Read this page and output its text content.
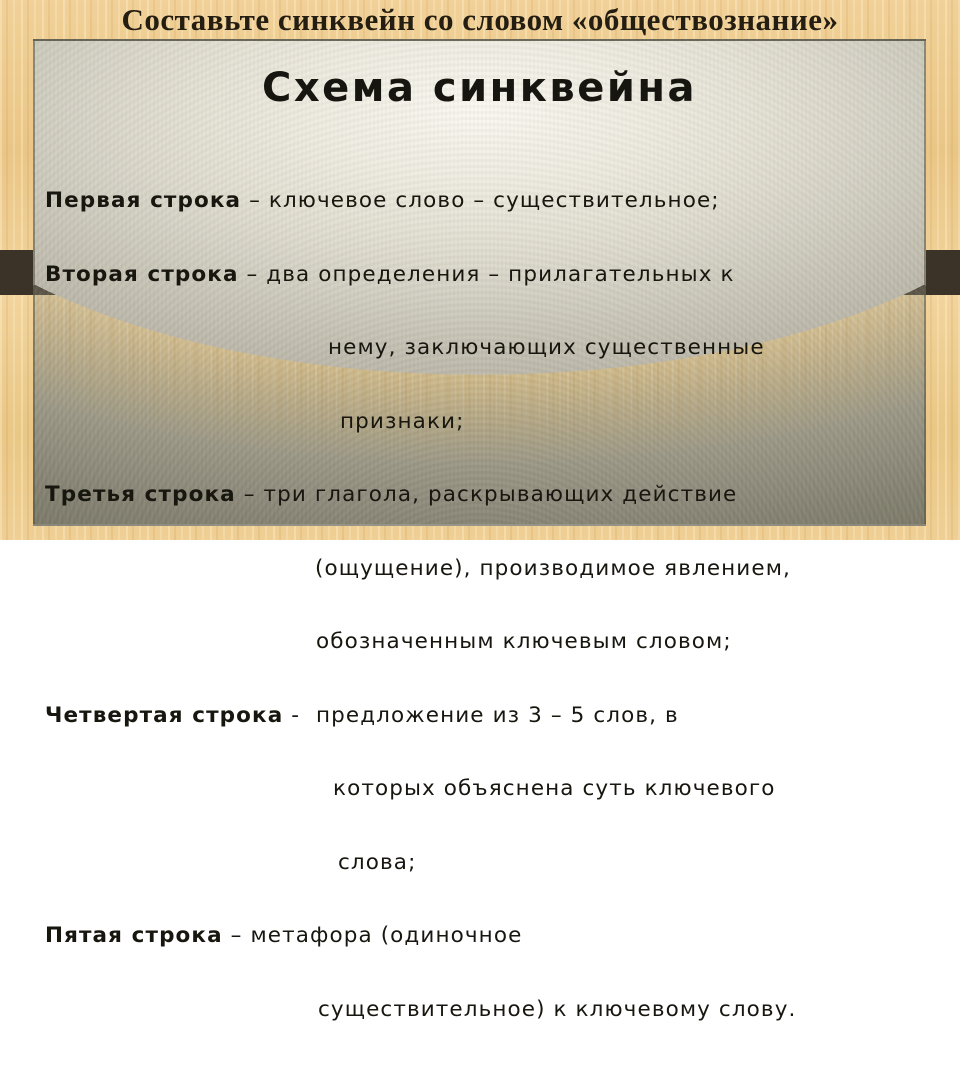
Составьте синквейн со словом «обществознание»
Схема синквейна

Первая строка – ключевое слово – существительное;

Вторая строка – два определения – прилагательных к

нему, заключающих существенные

признаки;

Третья строка – три глагола, раскрывающих действие

(ощущение), производимое явлением,

обозначенным ключевым словом;

Четвертая строка -  предложение из 3 – 5 слов, в

которых объяснена суть ключевого

слова;

Пятая строка – метафора (одиночное

существительное) к ключевому слову.
